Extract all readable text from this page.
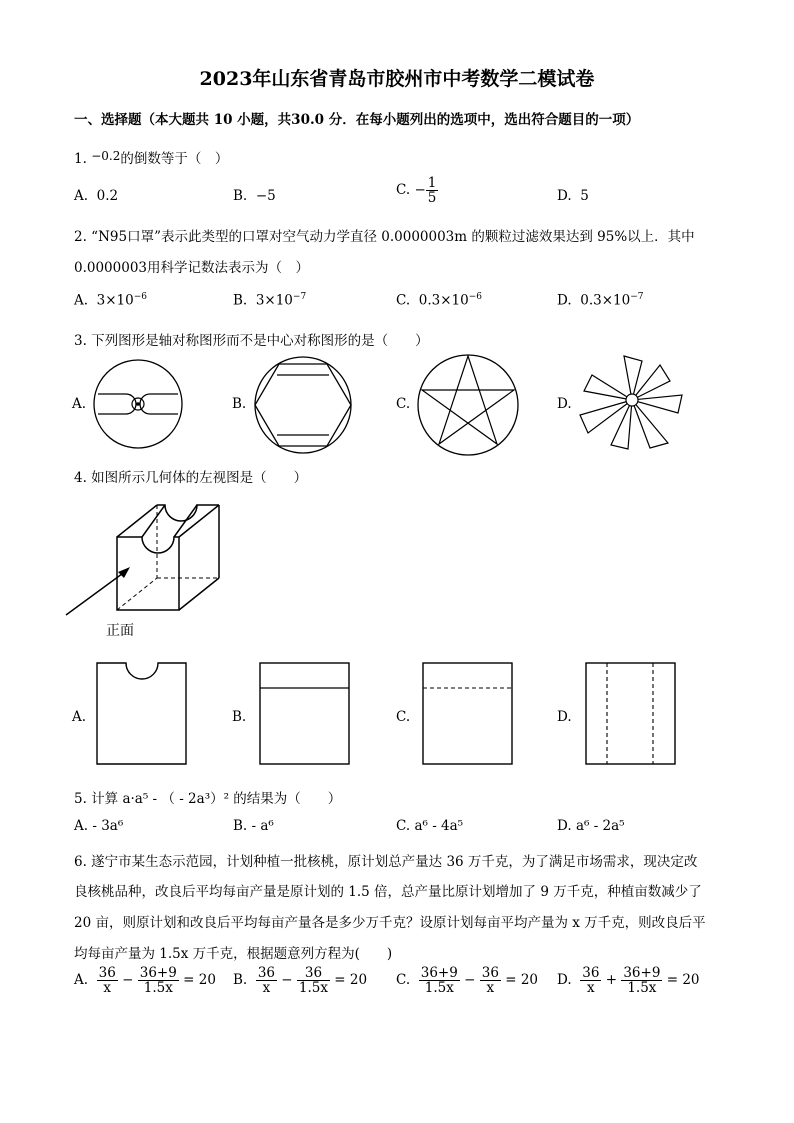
2023年山东省青岛市胶州市中考数学二模试卷
一、选择题（本大题共 10 小题，共30.0 分．在每小题列出的选项中，选出符合题目的一项）
1. −0.2的倒数等于（　）
A. 0.2	B. −5	C. − $\frac{1}{5}$	D. 5
2. “N95口罩”表示此类型的口罩对空气动力学直径 0.0000003m 的颗粒过滤效果达到 95%以上．其中
0.0000003用科学记数法表示为（　）
A. $3\times 10^{-6}$	B. $3\times 10^{-7}$	C. $0.3\times 10^{-6}$	D. $0.3\times 10^{-7}$
3. 下列图形是轴对称图形而不是中心对称图形的是（　　）
A.	B.	C.	D.
4. 如图所示几何体的左视图是（　　）
正面
A.	B.	C.	D.
5. 计算 a·a⁵ - （ - 2a³）² 的结果为（　　）
A. - 3a⁶	B. - a⁶	C. a⁶ - 4a⁵	D. a⁶ - 2a⁵
6. 遂宁市某生态示范园，计划种植一批核桃，原计划总产量达 36 万千克，为了满足市场需求，现决定改
良核桃品种，改良后平均每亩产量是原计划的 1.5 倍，总产量比原计划增加了 9 万千克，种植亩数减少了
20 亩，则原计划和改良后平均每亩产量各是多少万千克？设原计划每亩平均产量为 x 万千克，则改良后平
均每亩产量为 1.5x 万千克，根据题意列方程为(　　)
A. $\frac{36}{x} - \frac{36+9}{1.5x} = 20$ B. $\frac{36}{x} - \frac{36}{1.5x} = 20$ C. $\frac{36+9}{1.5x} - \frac{36}{x} = 20$ D. $\frac{36}{x} + \frac{36+9}{1.5x} = 20$
